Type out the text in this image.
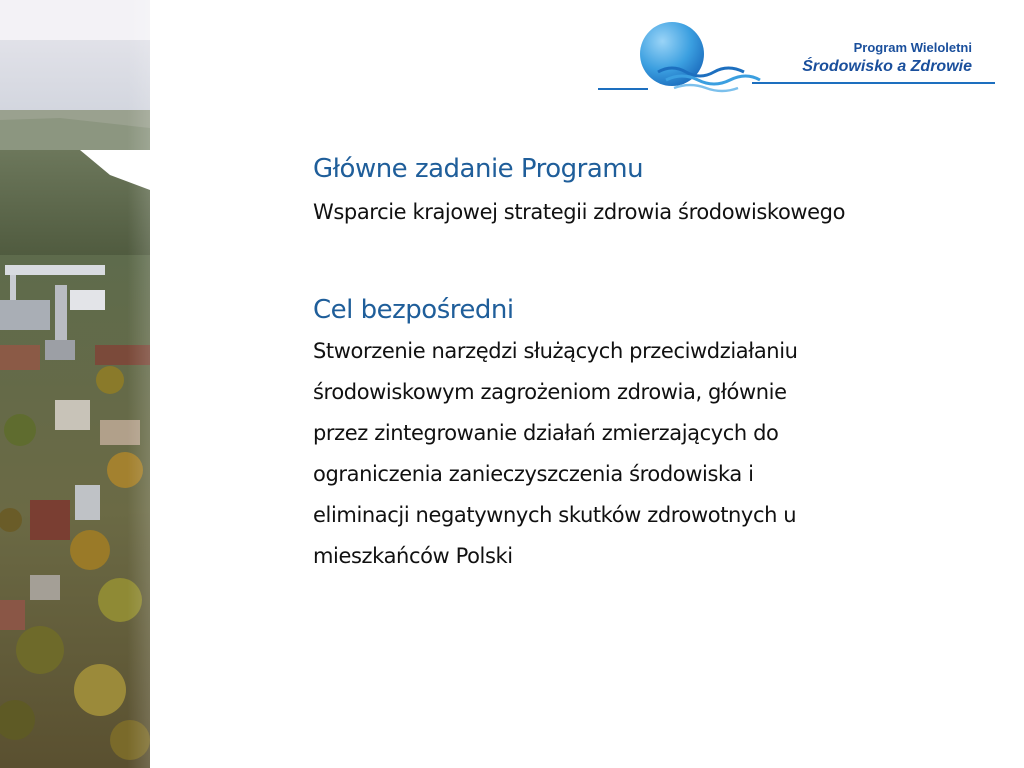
Program Wieloletni
Środowisko a Zdrowie

Główne zadanie Programu

Wsparcie krajowej strategii zdrowia środowiskowego

Cel bezpośredni

Stworzenie narzędzi służących przeciwdziałaniu

środowiskowym zagrożeniom zdrowia, głównie

przez zintegrowanie działań zmierzających do

ograniczenia zanieczyszczenia środowiska i

eliminacji negatywnych skutków zdrowotnych u

mieszkańców Polski
